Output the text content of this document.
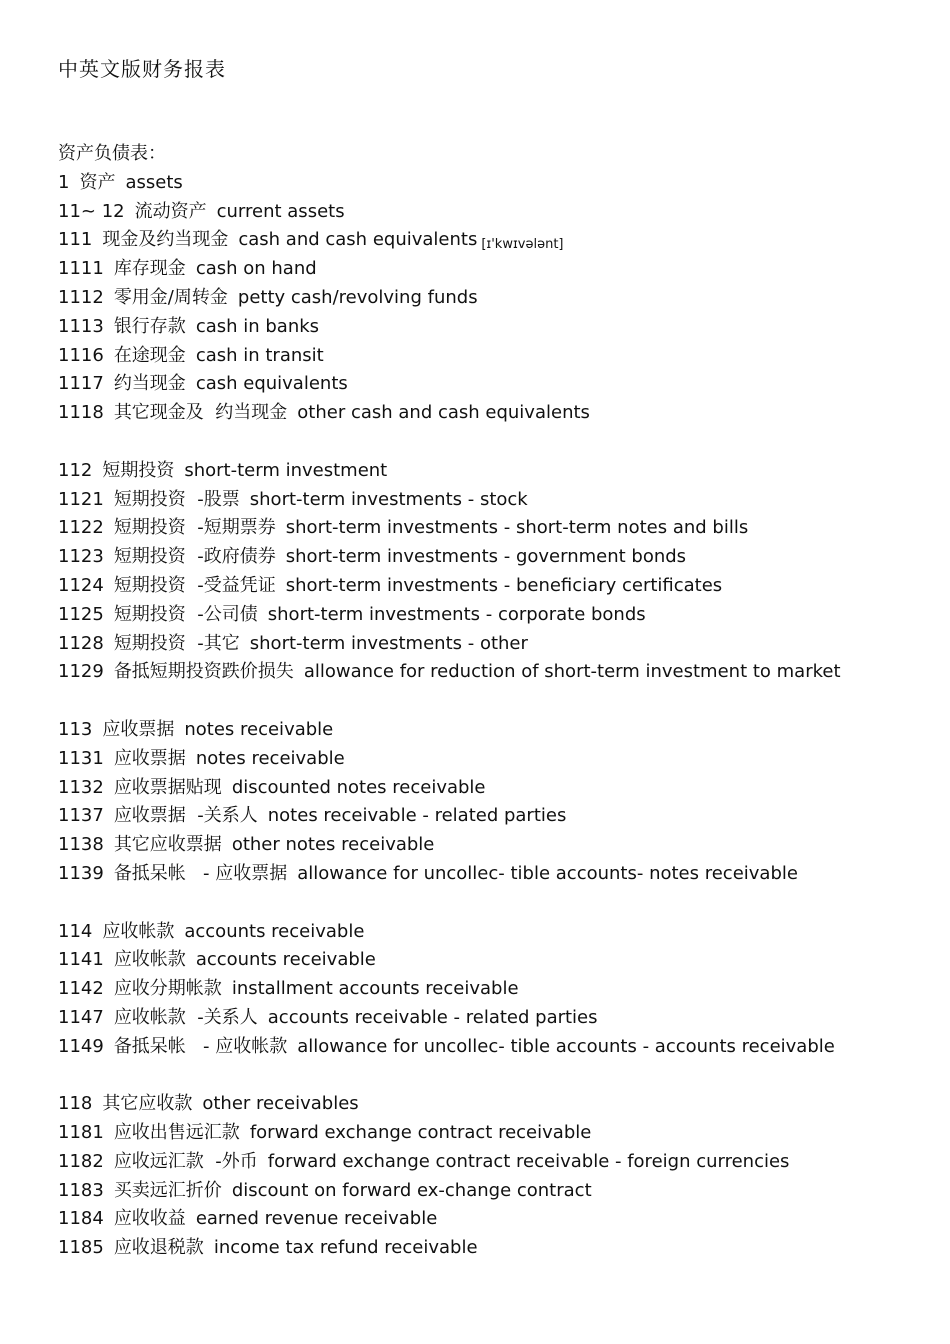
中英文版财务报表
资产负债表：
1 资产 assets
11~ 12 流动资产 current assets
111 现金及约当现金 cash and cash equivalents [ɪ'kwɪvələnt]
1111 库存现金 cash on hand
1112 零用金/周转金 petty cash/revolving funds
1113 银行存款 cash in banks
1116 在途现金 cash in transit
1117 约当现金 cash equivalents
1118 其它现金及  约当现金 other cash and cash equivalents
112 短期投资 short-term investment
1121 短期投资  -股票 short-term investments - stock
1122 短期投资  -短期票券 short-term investments - short-term notes and bills
1123 短期投资  -政府债券 short-term investments - government bonds
1124 短期投资  -受益凭证 short-term investments - beneficiary certificates
1125 短期投资  -公司债 short-term investments - corporate bonds
1128 短期投资  -其它 short-term investments - other
1129 备抵短期投资跌价损失 allowance for reduction of short-term investment to market
113 应收票据 notes receivable
1131 应收票据 notes receivable
1132 应收票据贴现 discounted notes receivable
1137 应收票据  -关系人 notes receivable - related parties
1138 其它应收票据 other notes receivable
1139 备抵呆帐   - 应收票据 allowance for uncollec- tible accounts- notes receivable
114 应收帐款 accounts receivable
1141 应收帐款 accounts receivable
1142 应收分期帐款 installment accounts receivable
1147 应收帐款  -关系人 accounts receivable - related parties
1149 备抵呆帐   - 应收帐款 allowance for uncollec- tible accounts - accounts receivable
118 其它应收款 other receivables
1181 应收出售远汇款 forward exchange contract receivable
1182 应收远汇款  -外币 forward exchange contract receivable - foreign currencies
1183 买卖远汇折价 discount on forward ex-change contract
1184 应收收益 earned revenue receivable
1185 应收退税款 income tax refund receivable
